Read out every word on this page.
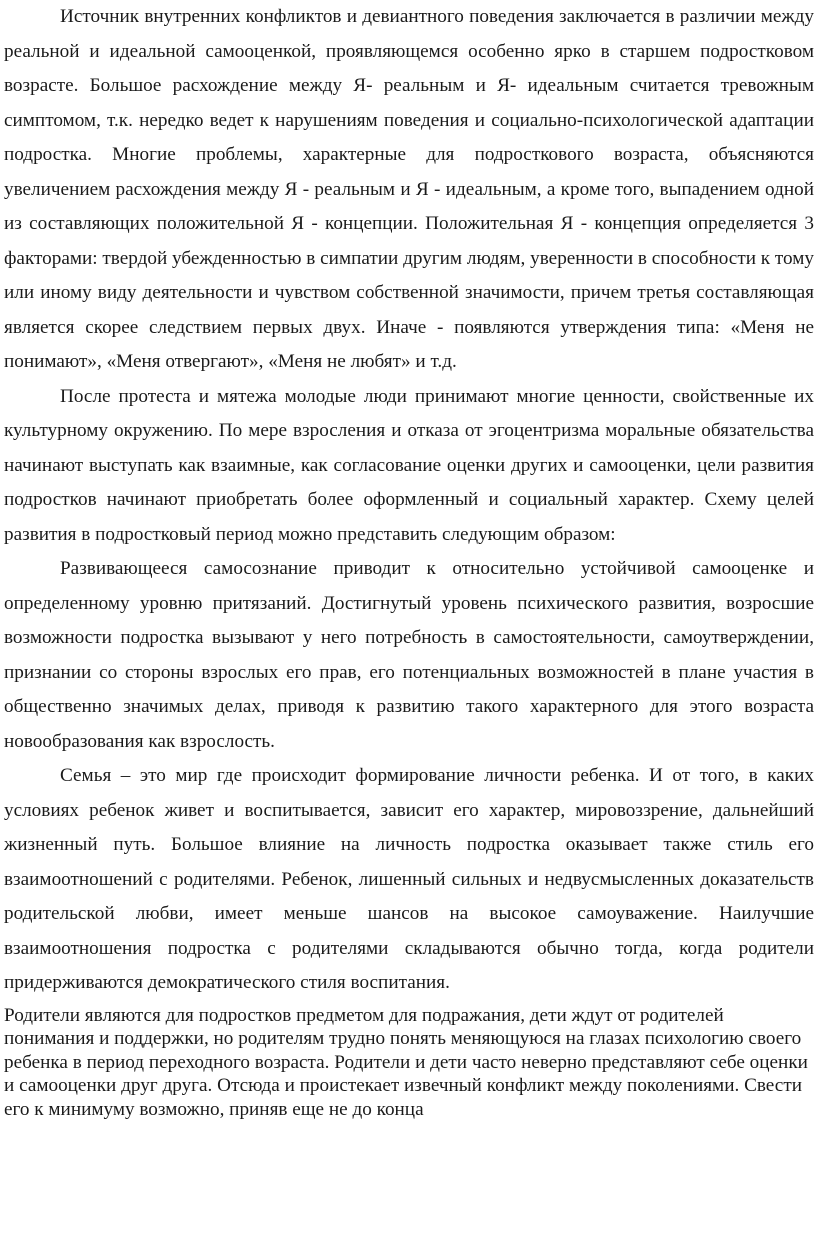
Источник внутренних конфликтов и девиантного поведения заключается в различии между реальной и идеальной самооценкой, проявляющемся особенно ярко в старшем подростковом возрасте. Большое расхождение между Я- реальным и Я- идеальным считается тревожным симптомом, т.к. нередко ведет к нарушениям поведения и социально-психологической адаптации подростка. Многие проблемы, характерные для подросткового возраста, объясняются увеличением расхождения между Я - реальным и Я - идеальным, а кроме того, выпадением одной из составляющих положительной Я - концепции. Положительная Я - концепция определяется 3 факторами: твердой убежденностью в симпатии другим людям, уверенности в способности к тому или иному виду деятельности и чувством собственной значимости, причем третья составляющая является скорее следствием первых двух. Иначе - появляются утверждения типа: «Меня не понимают», «Меня отвергают», «Меня не любят» и т.д.

После протеста и мятежа молодые люди принимают многие ценности, свойственные их культурному окружению. По мере взросления и отказа от эгоцентризма моральные обязательства начинают выступать как взаимные, как согласование оценки других и самооценки, цели развития подростков начинают приобретать более оформленный и социальный характер. Схему целей развития в подростковый период можно представить следующим образом:

Развивающееся самосознание приводит к относительно устойчивой самооценке и определенному уровню притязаний. Достигнутый уровень психического развития, возросшие возможности подростка вызывают у него потребность в самостоятельности, самоутверждении, признании со стороны взрослых его прав, его потенциальных возможностей в плане участия в общественно значимых делах, приводя к развитию такого характерного для этого возраста новообразования как взрослость.

Семья – это мир где происходит формирование личности ребенка. И от того, в каких условиях ребенок живет и воспитывается, зависит его характер, мировоззрение, дальнейший жизненный путь. Большое влияние на личность подростка оказывает также стиль его взаимоотношений с родителями. Ребенок, лишенный сильных и недвусмысленных доказательств родительской любви, имеет меньше шансов на высокое самоуважение. Наилучшие взаимоотношения подростка с родителями складываются обычно тогда, когда родители придерживаются демократического стиля воспитания.

Родители являются для подростков предметом для подражания, дети ждут от родителей понимания и поддержки, но родителям трудно понять меняющуюся на глазах психологию своего ребенка в период переходного возраста. Родители и дети часто неверно представляют себе оценки и самооценки друг друга. Отсюда и проистекает извечный конфликт между поколениями. Свести его к минимуму возможно, приняв еще не до конца
